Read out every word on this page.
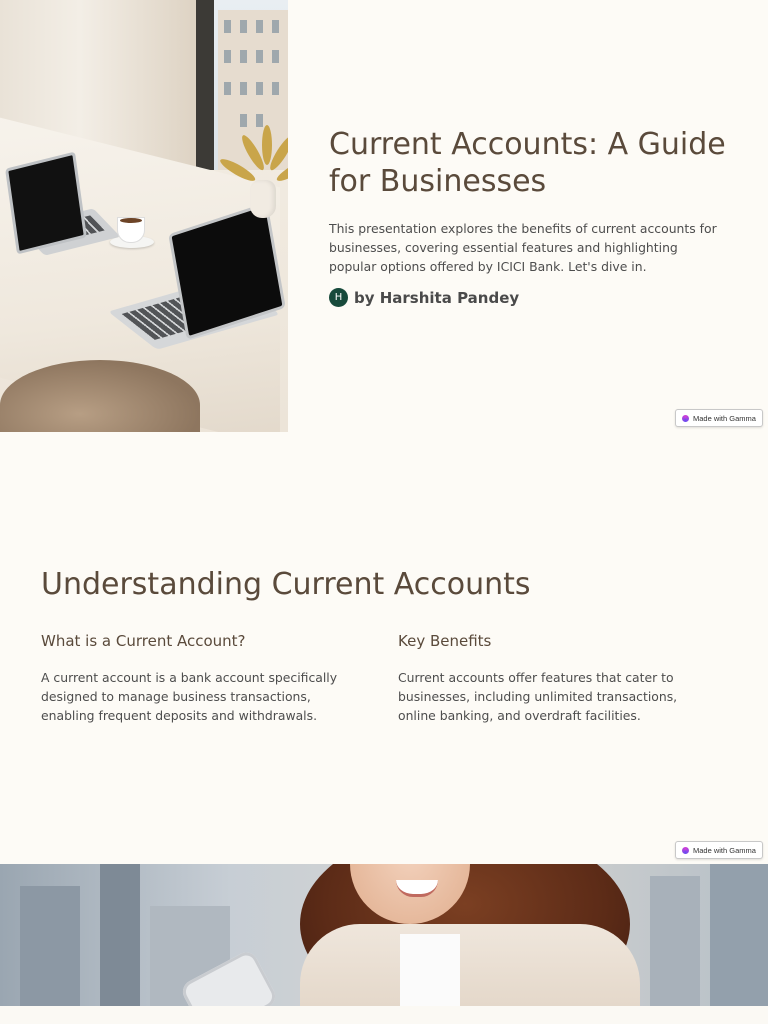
Current Accounts: A Guide for Businesses

This presentation explores the benefits of current accounts for businesses, covering essential features and highlighting popular options offered by ICICI Bank. Let's dive in.

H by Harshita Pandey
Made with Gamma
Understanding Current Accounts
What is a Current Account?

A current account is a bank account specifically designed to manage business transactions, enabling frequent deposits and withdrawals.

Key Benefits

Current accounts offer features that cater to businesses, including unlimited transactions, online banking, and overdraft facilities.

Made with Gamma
